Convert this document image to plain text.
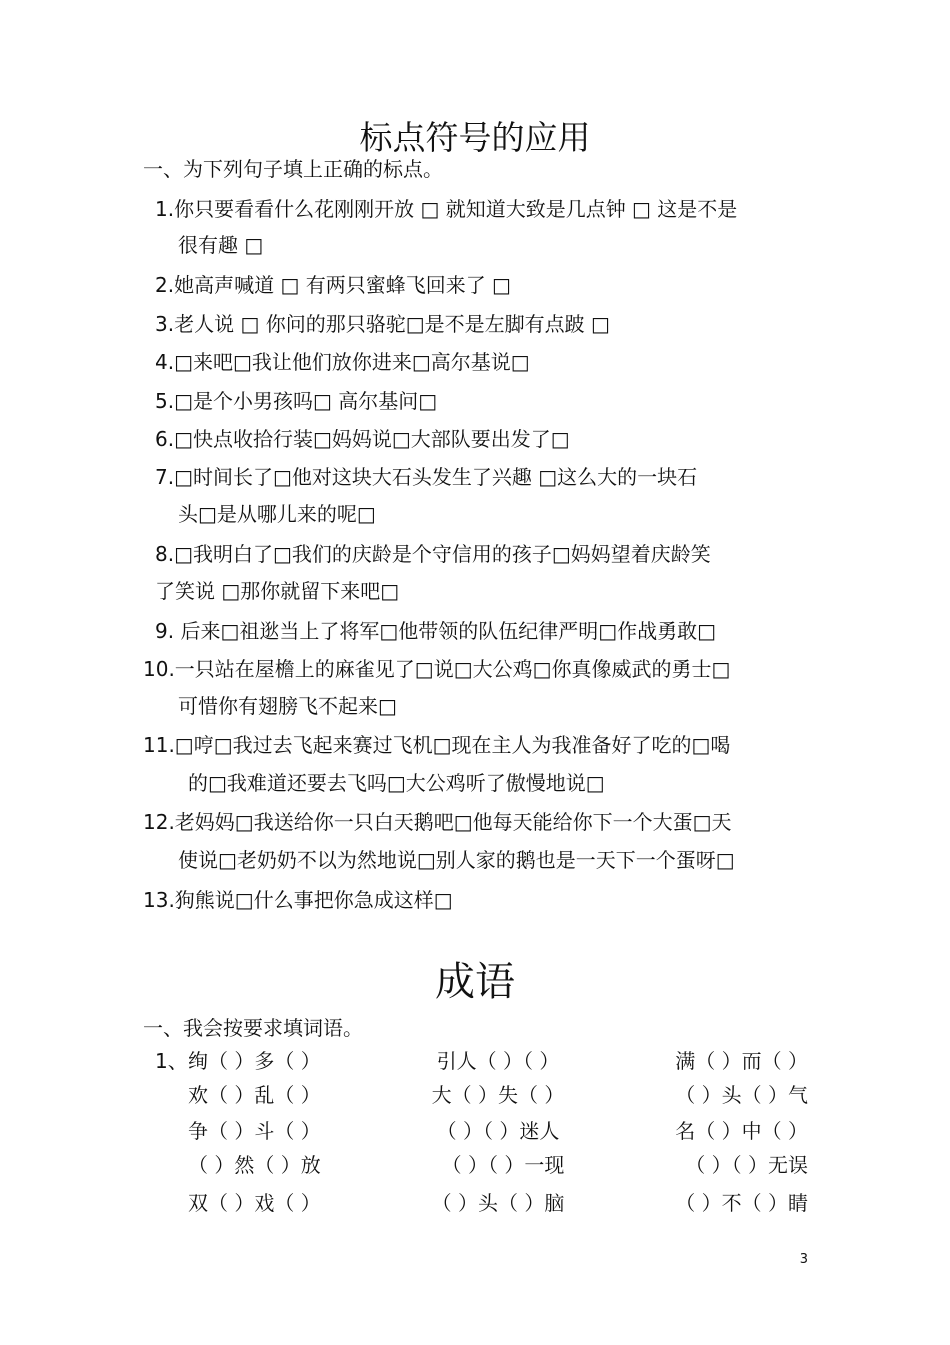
标点符号的应用
一、为下列句子填上正确的标点。
1.你只要看看什么花刚刚开放 □ 就知道大致是几点钟 □ 这是不是
很有趣 □
2.她高声喊道 □ 有两只蜜蜂飞回来了 □
3.老人说 □ 你问的那只骆驼□是不是左脚有点跛 □
4.□来吧□我让他们放你进来□高尔基说□
5.□是个小男孩吗□ 高尔基问□
6.□快点收拾行装□妈妈说□大部队要出发了□
7.□时间长了□他对这块大石头发生了兴趣 □这么大的一块石
头□是从哪儿来的呢□
8.□我明白了□我们的庆龄是个守信用的孩子□妈妈望着庆龄笑
了笑说 □那你就留下来吧□
9. 后来□祖逖当上了将军□他带领的队伍纪律严明□作战勇敢□
10.一只站在屋檐上的麻雀见了□说□大公鸡□你真像威武的勇士□
可惜你有翅膀飞不起来□
11.□哼□我过去飞起来赛过飞机□现在主人为我准备好了吃的□喝
的□我难道还要去飞吗□大公鸡听了傲慢地说□
12.老妈妈□我送给你一只白天鹅吧□他每天能给你下一个大蛋□天
使说□老奶奶不以为然地说□别人家的鹅也是一天下一个蛋呀□
13.狗熊说□什么事把你急成这样□
成语
一、我会按要求填词语。
1、 绚（ ）多（ ）	引人（ ）（ ）	满（ ）而（ ）
欢（ ）乱（ ）	大（ ）失（ ）	（ ）头（ ）气
争（ ）斗（ ）	（ ）（ ）迷人	名（ ）中（ ）
（ ）然（ ）放	（ ）（ ）一现	（ ）（ ）无误
双（ ）戏（ ）	（ ）头（ ）脑	（ ）不（ ）睛
3
